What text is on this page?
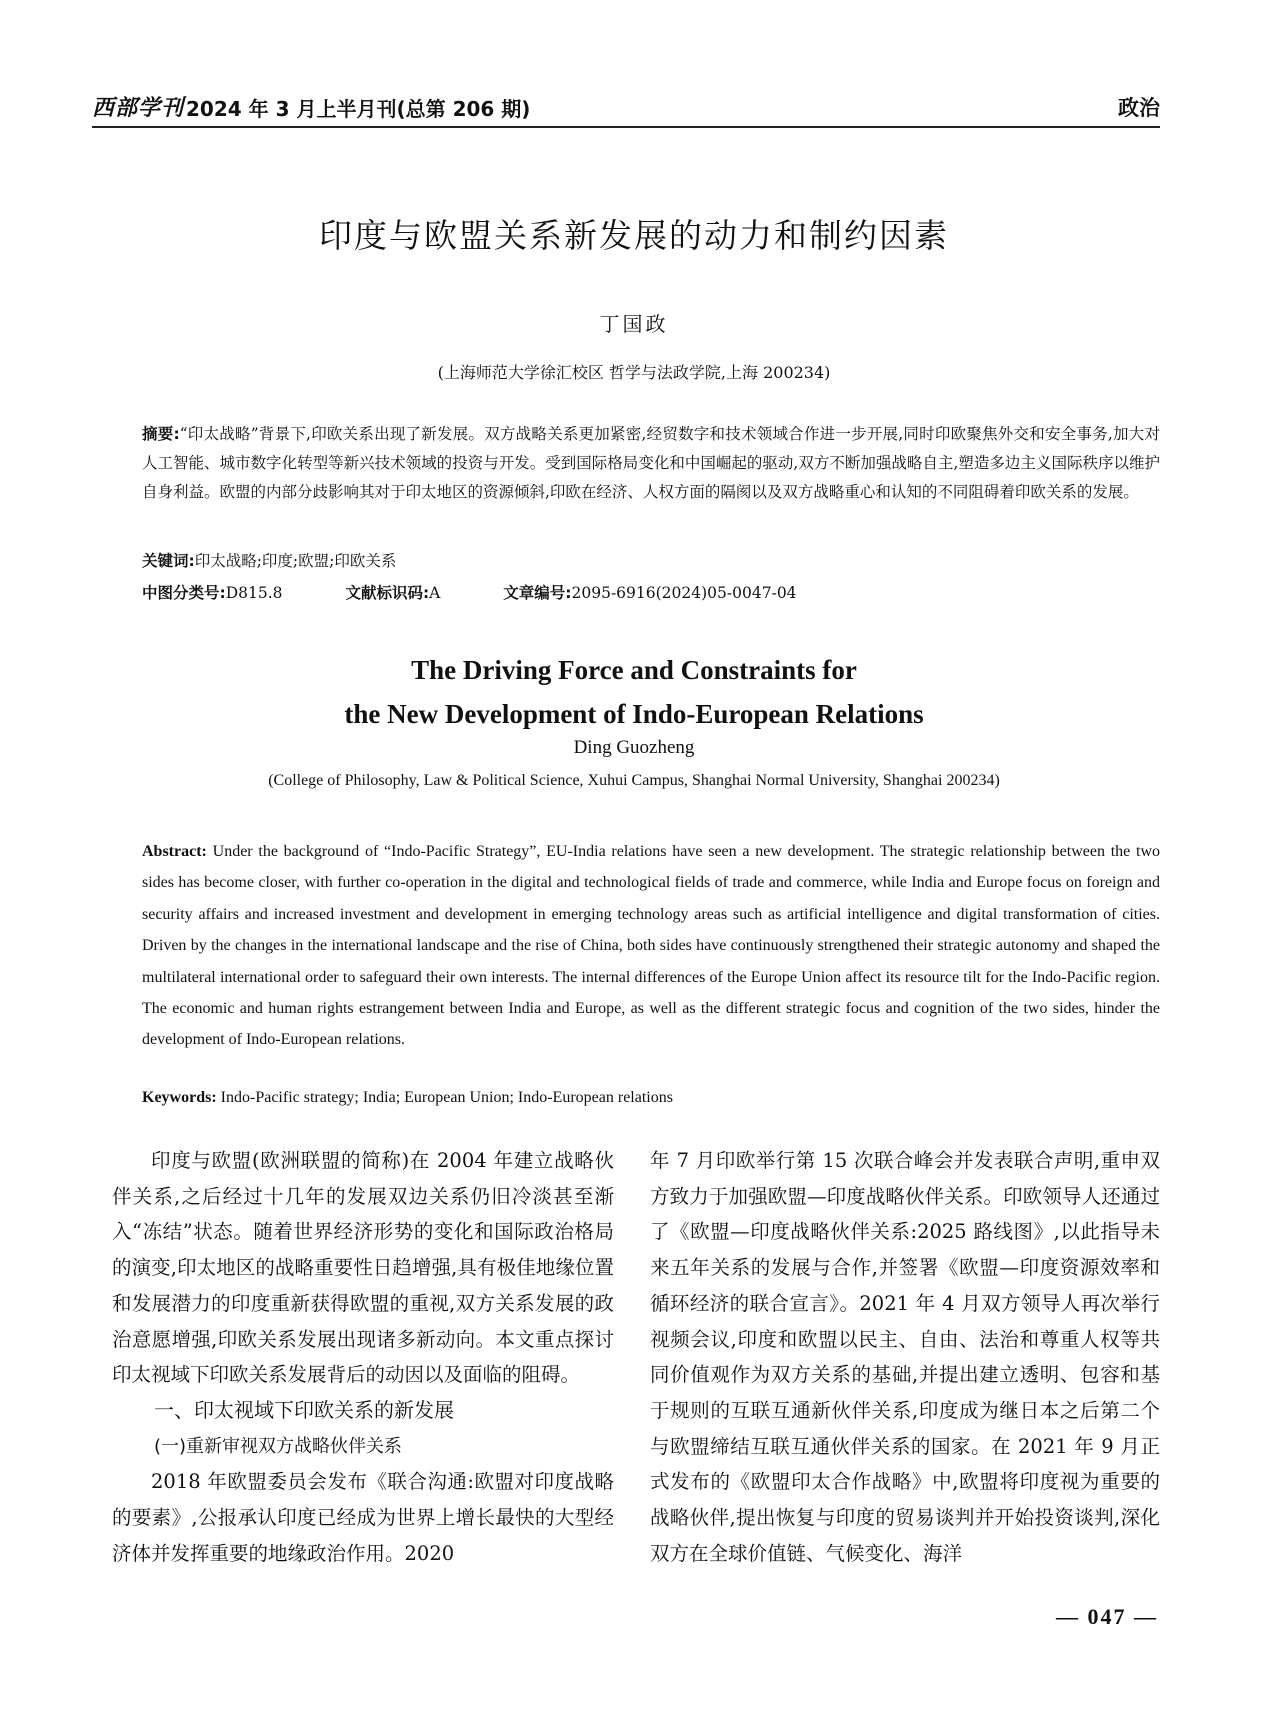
西部学刊 2024 年 3 月上半月刊(总第 206 期)	政治
印度与欧盟关系新发展的动力和制约因素
丁国政
(上海师范大学徐汇校区 哲学与法政学院,上海 200234)
摘要:“印太战略”背景下,印欧关系出现了新发展。双方战略关系更加紧密,经贸数字和技术领域合作进一步开展,同时印欧聚焦外交和安全事务,加大对人工智能、城市数字化转型等新兴技术领域的投资与开发。受到国际格局变化和中国崛起的驱动,双方不断加强战略自主,塑造多边主义国际秩序以维护自身利益。欧盟的内部分歧影响其对于印太地区的资源倾斜,印欧在经济、人权方面的隔阂以及双方战略重心和认知的不同阻碍着印欧关系的发展。
关键词:印太战略;印度;欧盟;印欧关系
中图分类号:D815.8	文献标识码:A	文章编号:2095-6916(2024)05-0047-04
The Driving Force and Constraints for
the New Development of Indo-European Relations
Ding Guozheng
(College of Philosophy, Law & Political Science, Xuhui Campus, Shanghai Normal University, Shanghai 200234)
Abstract: Under the background of “Indo-Pacific Strategy”, EU-India relations have seen a new development. The strategic relationship between the two sides has become closer, with further co-operation in the digital and technological fields of trade and commerce, while India and Europe focus on foreign and security affairs and increased investment and development in emerging technology areas such as artificial intelligence and digital transformation of cities. Driven by the changes in the international landscape and the rise of China, both sides have continuously strengthened their strategic autonomy and shaped the multilateral international order to safeguard their own interests. The internal differences of the Europe Union affect its resource tilt for the Indo-Pacific region. The economic and human rights estrangement between India and Europe, as well as the different strategic focus and cognition of the two sides, hinder the development of Indo-European relations.
Keywords: Indo-Pacific strategy; India; European Union; Indo-European relations

印度与欧盟(欧洲联盟的简称)在 2004 年建立战略伙伴关系,之后经过十几年的发展双边关系仍旧冷淡甚至渐入“冻结”状态。随着世界经济形势的变化和国际政治格局的演变,印太地区的战略重要性日趋增强,具有极佳地缘位置和发展潜力的印度重新获得欧盟的重视,双方关系发展的政治意愿增强,印欧关系发展出现诸多新动向。本文重点探讨印太视域下印欧关系发展背后的动因以及面临的阻碍。

一、印太视域下印欧关系的新发展

(一)重新审视双方战略伙伴关系

2018 年欧盟委员会发布《联合沟通:欧盟对印度战略的要素》,公报承认印度已经成为世界上增长最快的大型经济体并发挥重要的地缘政治作用。2020

年 7 月印欧举行第 15 次联合峰会并发表联合声明,重申双方致力于加强欧盟—印度战略伙伴关系。印欧领导人还通过了《欧盟—印度战略伙伴关系:2025 路线图》,以此指导未来五年关系的发展与合作,并签署《欧盟—印度资源效率和循环经济的联合宣言》。2021 年 4 月双方领导人再次举行视频会议,印度和欧盟以民主、自由、法治和尊重人权等共同价值观作为双方关系的基础,并提出建立透明、包容和基于规则的互联互通新伙伴关系,印度成为继日本之后第二个与欧盟缔结互联互通伙伴关系的国家。在 2021 年 9 月正式发布的《欧盟印太合作战略》中,欧盟将印度视为重要的战略伙伴,提出恢复与印度的贸易谈判并开始投资谈判,深化双方在全球价值链、气候变化、海洋

— 047 —
